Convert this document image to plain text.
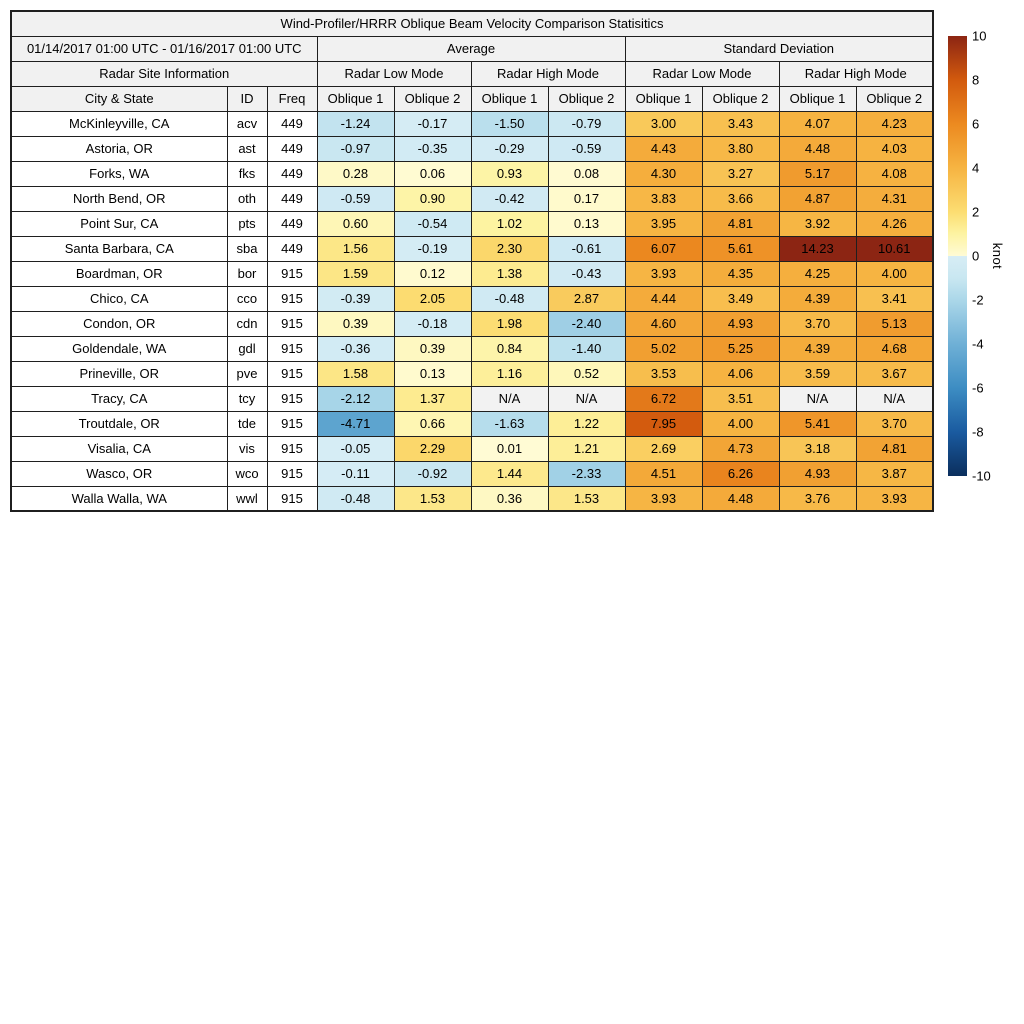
Wind-Profiler/HRRR Oblique Beam Velocity Comparison Statisitics										
01/14/2017 01:00 UTC - 01/16/2017 01:00 UTC			Average				Standard Deviation			
Radar Site Information			Radar Low Mode		Radar High Mode		Radar Low Mode		Radar High Mode	
City & State	ID	Freq	Oblique 1	Oblique 2	Oblique 1	Oblique 2	Oblique 1	Oblique 2	Oblique 1	Oblique 2
McKinleyville, CA	acv	449	-1.24	-0.17	-1.50	-0.79	3.00	3.43	4.07	4.23
Astoria, OR	ast	449	-0.97	-0.35	-0.29	-0.59	4.43	3.80	4.48	4.03
Forks, WA	fks	449	0.28	0.06	0.93	0.08	4.30	3.27	5.17	4.08
North Bend, OR	oth	449	-0.59	0.90	-0.42	0.17	3.83	3.66	4.87	4.31
Point Sur, CA	pts	449	0.60	-0.54	1.02	0.13	3.95	4.81	3.92	4.26
Santa Barbara, CA	sba	449	1.56	-0.19	2.30	-0.61	6.07	5.61	14.23	10.61
Boardman, OR	bor	915	1.59	0.12	1.38	-0.43	3.93	4.35	4.25	4.00
Chico, CA	cco	915	-0.39	2.05	-0.48	2.87	4.44	3.49	4.39	3.41
Condon, OR	cdn	915	0.39	-0.18	1.98	-2.40	4.60	4.93	3.70	5.13
Goldendale, WA	gdl	915	-0.36	0.39	0.84	-1.40	5.02	5.25	4.39	4.68
Prineville, OR	pve	915	1.58	0.13	1.16	0.52	3.53	4.06	3.59	3.67
Tracy, CA	tcy	915	-2.12	1.37	N/A	N/A	6.72	3.51	N/A	N/A
Troutdale, OR	tde	915	-4.71	0.66	-1.63	1.22	7.95	4.00	5.41	3.70
Visalia, CA	vis	915	-0.05	2.29	0.01	1.21	2.69	4.73	3.18	4.81
Wasco, OR	wco	915	-0.11	-0.92	1.44	-2.33	4.51	6.26	4.93	3.87
Walla Walla, WA	wwl	915	-0.48	1.53	0.36	1.53	3.93	4.48	3.76	3.93
10
8
6
4
2
0
-2
-4
-6
-8
-10
knot
